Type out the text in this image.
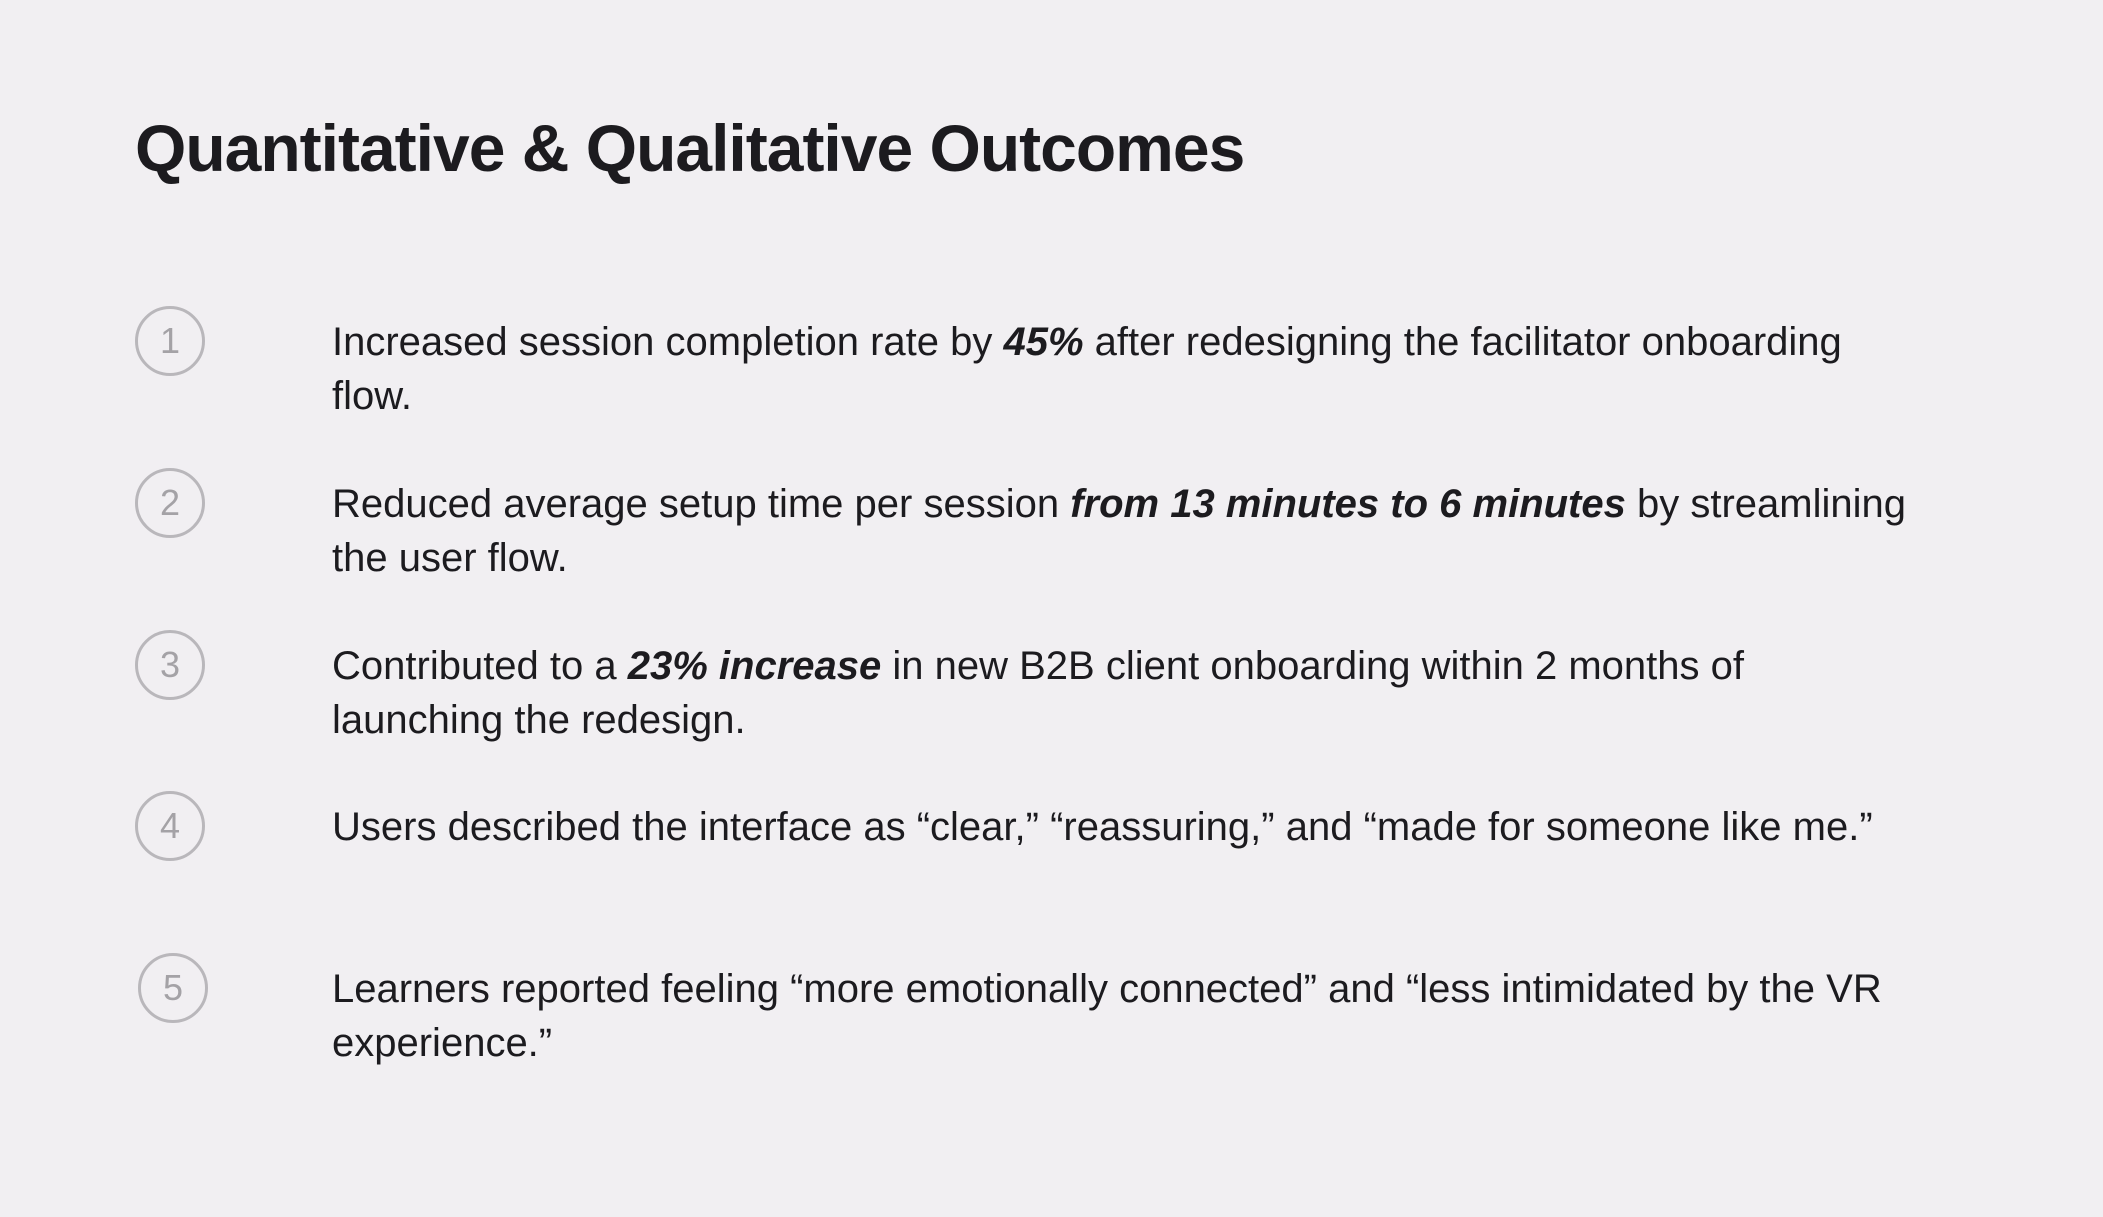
Quantitative & Qualitative Outcomes
1	Increased session completion rate by 45% after redesigning the facilitator onboarding flow.

2	Reduced average setup time per session from 13 minutes to 6 minutes by streamlining the user flow.

3	Contributed to a 23% increase in new B2B client onboarding within 2 months of launching the redesign.

4	Users described the interface as “clear,” “reassuring,” and “made for someone like me.”

5	Learners reported feeling “more emotionally connected” and “less intimidated by the VR experience.”
